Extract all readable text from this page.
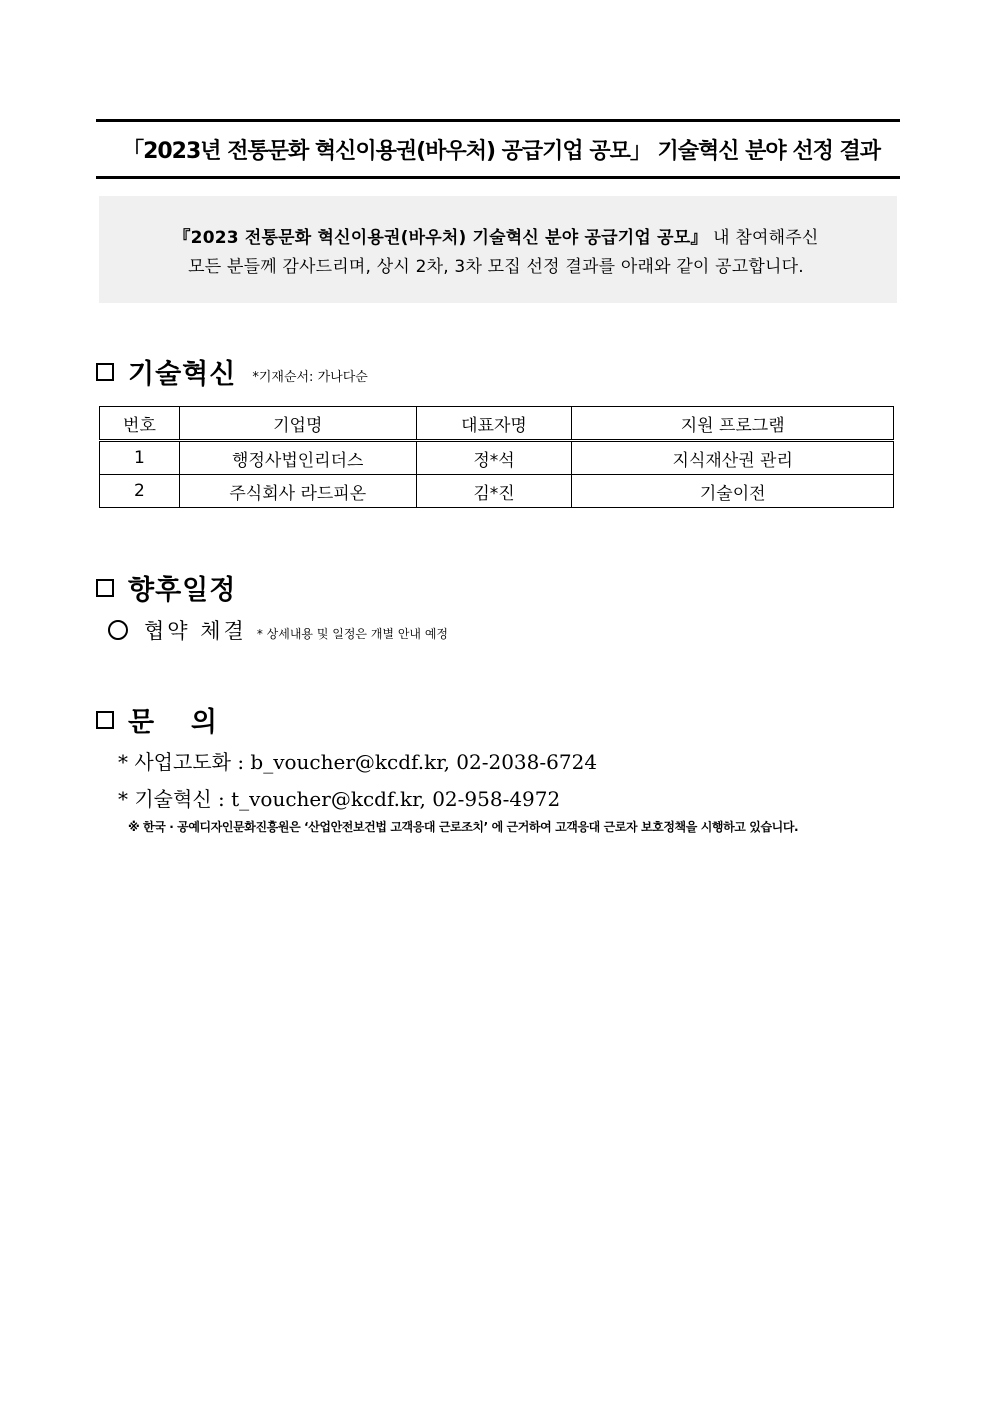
「2023년 전통문화 혁신이용권(바우처) 공급기업 공모」 기술혁신 분야 선정 결과
『2023 전통문화 혁신이용권(바우처) 기술혁신 분야 공급기업 공모』 내 참여해주신
모든 분들께 감사드리며, 상시 2차, 3차 모집 선정 결과를 아래와 같이 공고합니다.
기술혁신 *기재순서: 가나다순
번호	기업명	대표자명	지원 프로그램
1	행정사법인리더스	정*석	지식재산권 관리
2	주식회사 라드피온	김*진	기술이전
향후일정
협약 체결 * 상세내용 및 일정은 개별 안내 예정
문  의
* 사업고도화 : b_voucher@kcdf.kr, 02-2038-6724
* 기술혁신 : t_voucher@kcdf.kr, 02-958-4972
※ 한국 · 공예디자인문화진흥원은 ‘산업안전보건법 고객응대 근로조치’ 에 근거하여 고객응대 근로자 보호정책을 시행하고 있습니다.
